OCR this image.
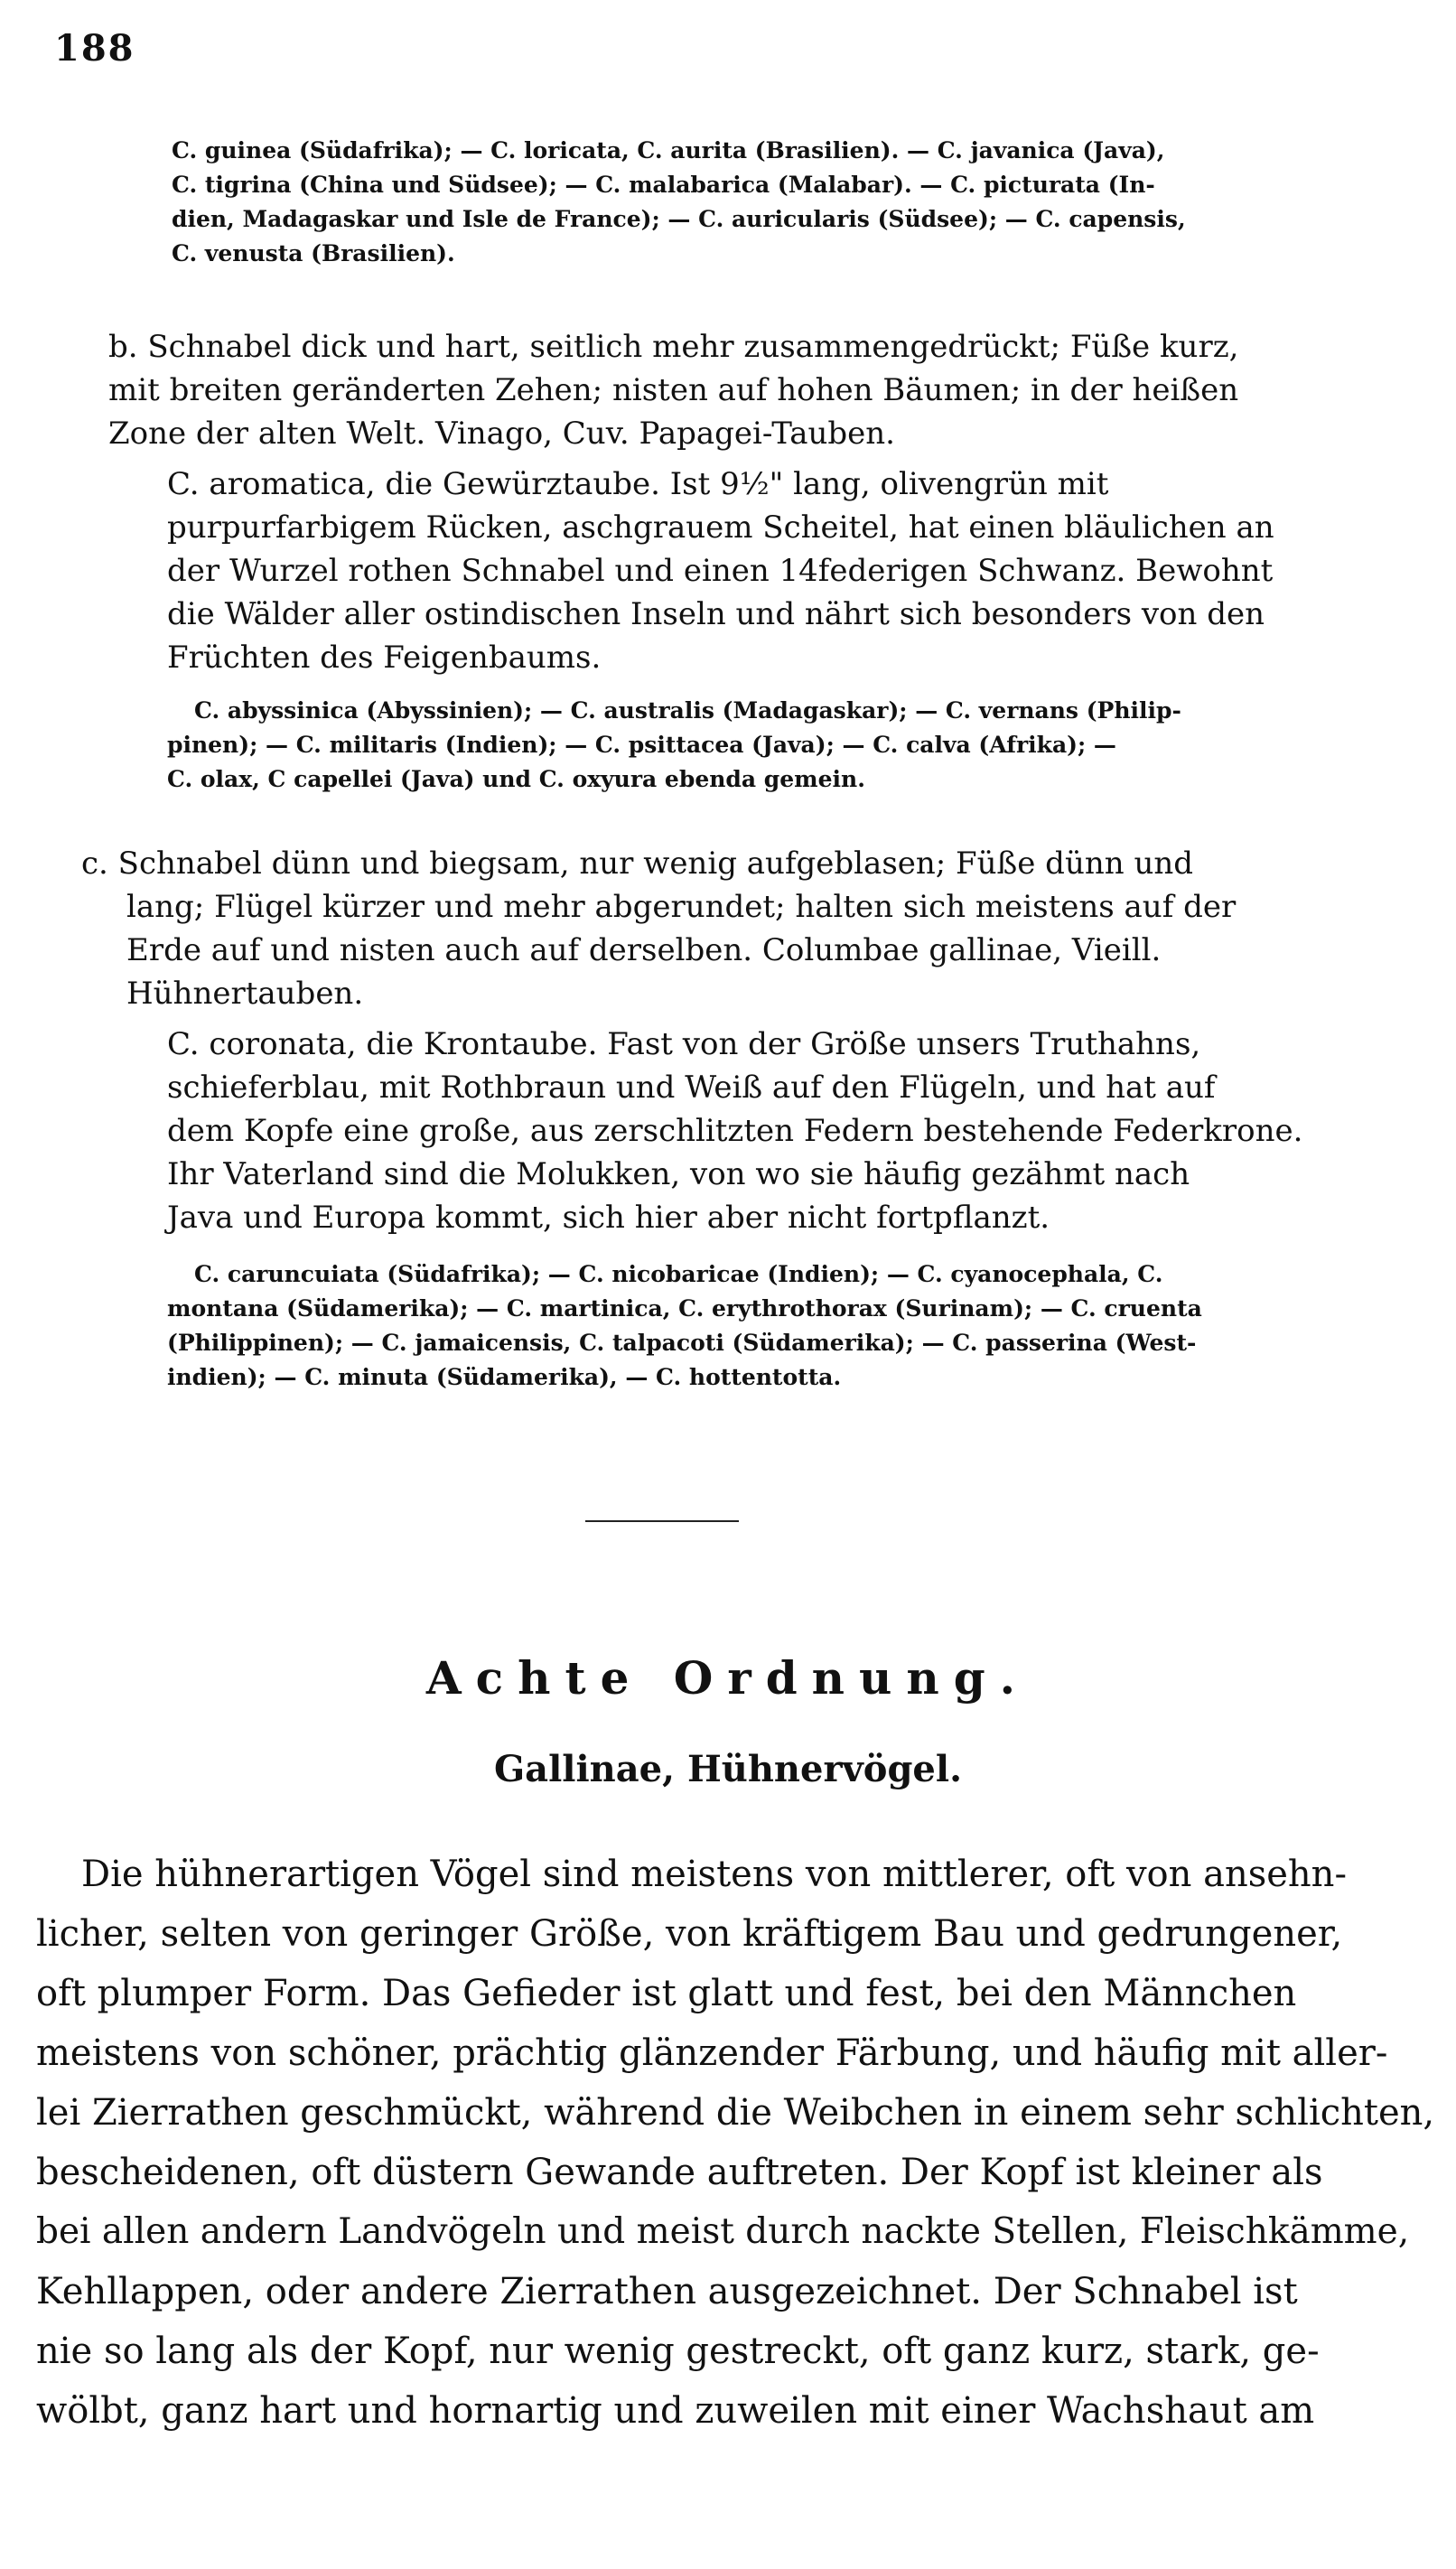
188
C. guinea (Südafrika); — C. loricata, C. aurita (Brasilien). — C. javanica (Java),
C. tigrina (China und Südsee); — C. malabarica (Malabar). — C. picturata (In-
dien, Madagaskar und Isle de France); — C. auricularis (Südsee); — C. capensis,
C. venusta (Brasilien).
b. Schnabel dick und hart, seitlich mehr zusammengedrückt; Füße kurz,
mit breiten geränderten Zehen; nisten auf hohen Bäumen; in der heißen
Zone der alten Welt. Vinago, Cuv. Papagei-Tauben.
C. aromatica, die Gewürztaube. Ist 9½" lang, olivengrün mit
purpurfarbigem Rücken, aschgrauem Scheitel, hat einen bläulichen an
der Wurzel rothen Schnabel und einen 14federigen Schwanz. Bewohnt
die Wälder aller ostindischen Inseln und nährt sich besonders von den
Früchten des Feigenbaums.
C. abyssinica (Abyssinien); — C. australis (Madagaskar); — C. vernans (Philip-
pinen); — C. militaris (Indien); — C. psittacea (Java); — C. calva (Afrika); —
C. olax, C capellei (Java) und C. oxyura ebenda gemein.
c. Schnabel dünn und biegsam, nur wenig aufgeblasen; Füße dünn und
lang; Flügel kürzer und mehr abgerundet; halten sich meistens auf der
Erde auf und nisten auch auf derselben. Columbae gallinae, Vieill.
Hühnertauben.
C. coronata, die Krontaube. Fast von der Größe unsers Truthahns,
schieferblau, mit Rothbraun und Weiß auf den Flügeln, und hat auf
dem Kopfe eine große, aus zerschlitzten Federn bestehende Federkrone.
Ihr Vaterland sind die Molukken, von wo sie häufig gezähmt nach
Java und Europa kommt, sich hier aber nicht fortpflanzt.
C. caruncuiata (Südafrika); — C. nicobaricae (Indien); — C. cyanocephala, C.
montana (Südamerika); — C. martinica, C. erythrothorax (Surinam); — C. cruenta
(Philippinen); — C. jamaicensis, C. talpacoti (Südamerika); — C. passerina (West-
indien); — C. minuta (Südamerika), — C. hottentotta.
Achte Ordnung.
Gallinae, Hühnervögel.
Die hühnerartigen Vögel sind meistens von mittlerer, oft von ansehn-
licher, selten von geringer Größe, von kräftigem Bau und gedrungener,
oft plumper Form. Das Gefieder ist glatt und fest, bei den Männchen
meistens von schöner, prächtig glänzender Färbung, und häufig mit aller-
lei Zierrathen geschmückt, während die Weibchen in einem sehr schlichten,
bescheidenen, oft düstern Gewande auftreten. Der Kopf ist kleiner als
bei allen andern Landvögeln und meist durch nackte Stellen, Fleischkämme,
Kehllappen, oder andere Zierrathen ausgezeichnet. Der Schnabel ist
nie so lang als der Kopf, nur wenig gestreckt, oft ganz kurz, stark, ge-
wölbt, ganz hart und hornartig und zuweilen mit einer Wachshaut am
